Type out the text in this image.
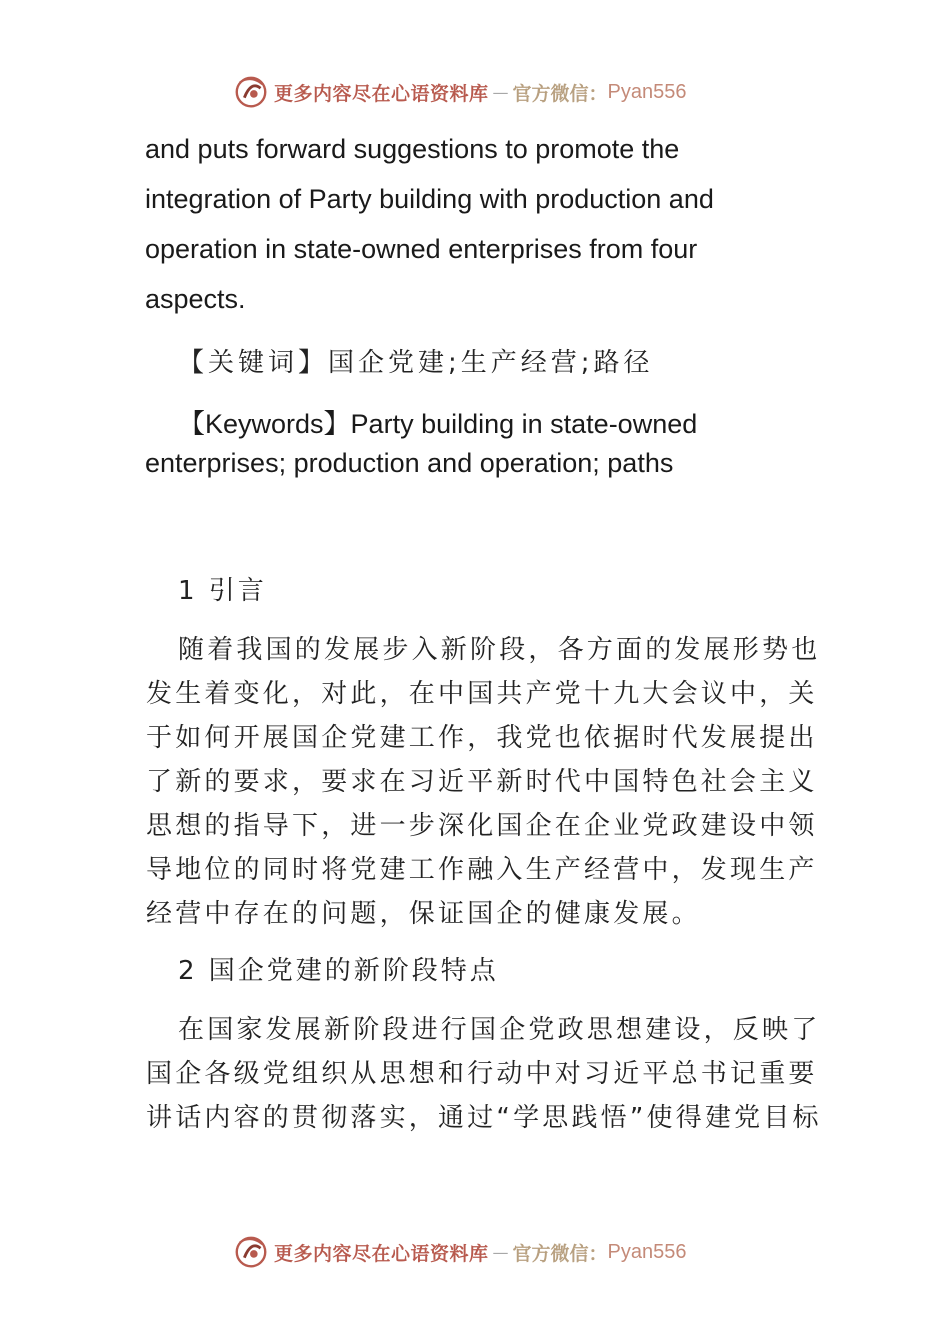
更多内容尽在心语资料库 — 官方微信： Pyan556
and puts forward suggestions to promote the
integration of Party building with production and
operation in state-owned enterprises from four
aspects.
【关键词】国企党建;生产经营;路径
【Keywords】Party building in state-owned
enterprises; production and operation; paths
1 引言
随着我国的发展步入新阶段，各方面的发展形势也
发生着变化，对此，在中国共产党十九大会议中，关
于如何开展国企党建工作，我党也依据时代发展提出
了新的要求，要求在习近平新时代中国特色社会主义
思想的指导下，进一步深化国企在企业党政建设中领
导地位的同时将党建工作融入生产经营中，发现生产
经营中存在的问题，保证国企的健康发展。
2 国企党建的新阶段特点
在国家发展新阶段进行国企党政思想建设，反映了
国企各级党组织从思想和行动中对习近平总书记重要
讲话内容的贯彻落实，通过“学思践悟”使得建党目标
更多内容尽在心语资料库 — 官方微信： Pyan556
